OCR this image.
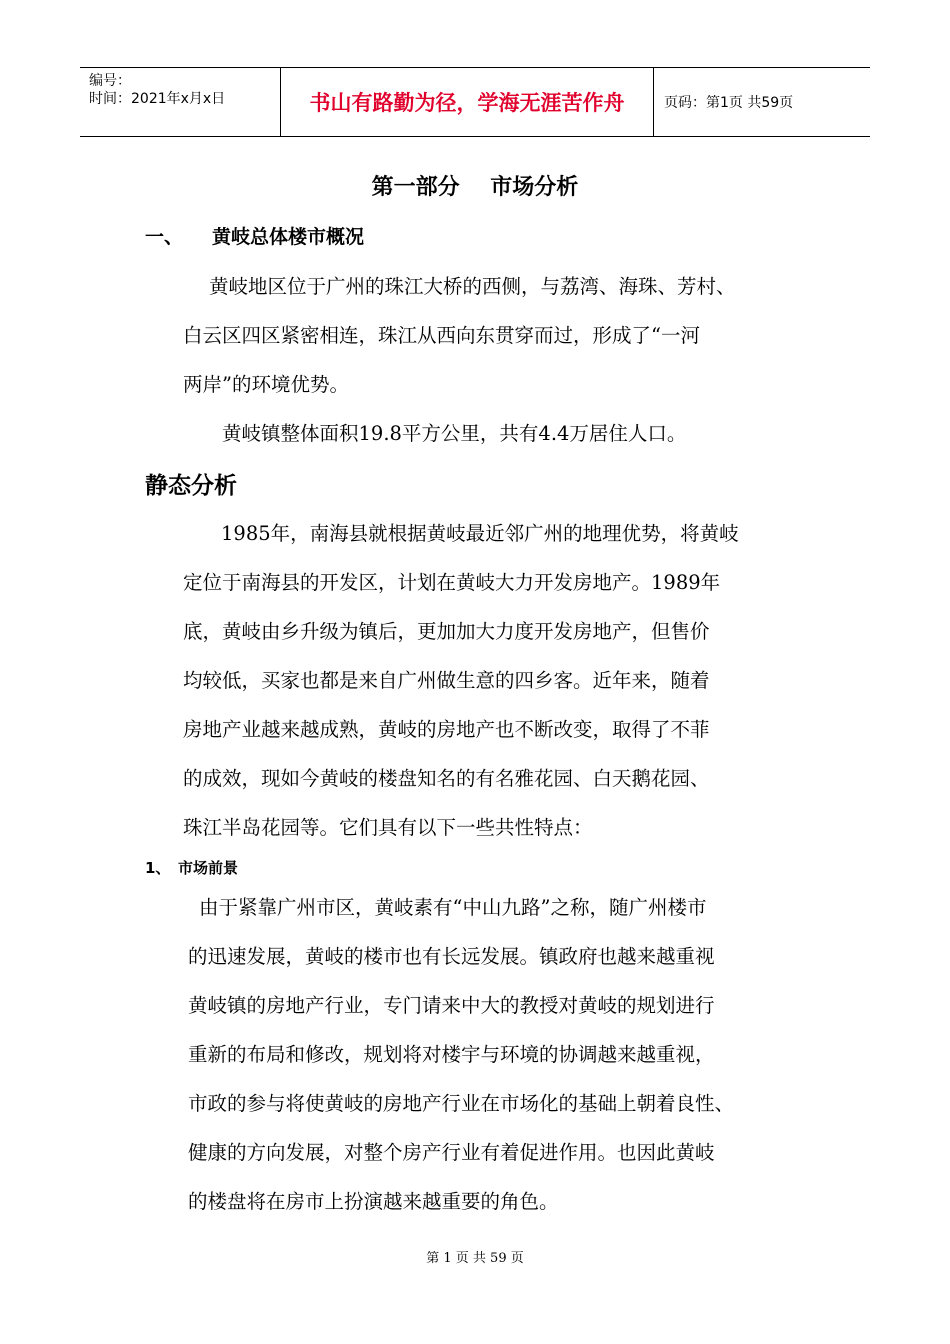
编号：
时间：2021年x月x日	书山有路勤为径，学海无涯苦作舟	页码：第1页 共59页
第一部分    市场分析
一、 黄岐总体楼市概况
黄岐地区位于广州的珠江大桥的西侧，与荔湾、海珠、芳村、
白云区四区紧密相连，珠江从西向东贯穿而过，形成了“一河
两岸”的环境优势。
黄岐镇整体面积19.8平方公里，共有4.4万居住人口。
静态分析
1985年，南海县就根据黄岐最近邻广州的地理优势，将黄岐
定位于南海县的开发区，计划在黄岐大力开发房地产。1989年
底，黄岐由乡升级为镇后，更加加大力度开发房地产，但售价
均较低，买家也都是来自广州做生意的四乡客。近年来，随着
房地产业越来越成熟，黄岐的房地产也不断改变，取得了不菲
的成效，现如今黄岐的楼盘知名的有名雅花园、白天鹅花园、
珠江半岛花园等。它们具有以下一些共性特点：
1、 市场前景
由于紧靠广州市区，黄岐素有“中山九路”之称，随广州楼市
的迅速发展，黄岐的楼市也有长远发展。镇政府也越来越重视
黄岐镇的房地产行业，专门请来中大的教授对黄岐的规划进行
重新的布局和修改，规划将对楼宇与环境的协调越来越重视，
市政的参与将使黄岐的房地产行业在市场化的基础上朝着良性、
健康的方向发展，对整个房产行业有着促进作用。也因此黄岐
的楼盘将在房市上扮演越来越重要的角色。
第 1 页 共 59 页
